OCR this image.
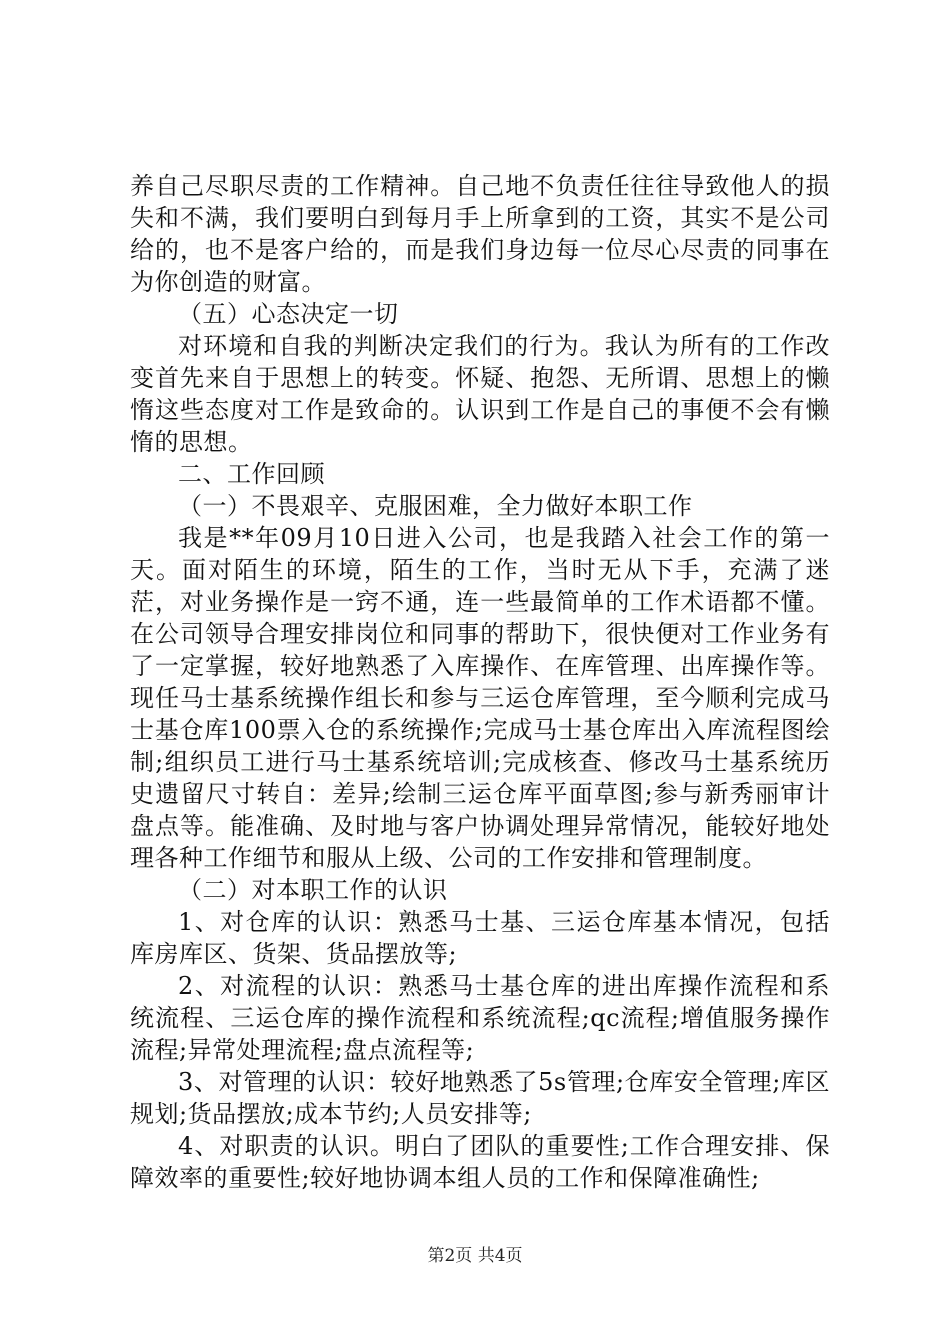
养自己尽职尽责的工作精神。自己地不负责任往往导致他人的损失和不满，我们要明白到每月手上所拿到的工资，其实不是公司给的，也不是客户给的，而是我们身边每一位尽心尽责的同事在为你创造的财富。

（五）心态决定一切

对环境和自我的判断决定我们的行为。我认为所有的工作改变首先来自于思想上的转变。怀疑、抱怨、无所谓、思想上的懒惰这些态度对工作是致命的。认识到工作是自己的事便不会有懒惰的思想。

二、工作回顾

（一）不畏艰辛、克服困难，全力做好本职工作

我是**年09月10日进入公司，也是我踏入社会工作的第一天。面对陌生的环境，陌生的工作，当时无从下手，充满了迷茫，对业务操作是一窍不通，连一些最简单的工作术语都不懂。在公司领导合理安排岗位和同事的帮助下，很快便对工作业务有了一定掌握，较好地熟悉了入库操作、在库管理、出库操作等。现任马士基系统操作组长和参与三运仓库管理，至今顺利完成马士基仓库100票入仓的系统操作;完成马士基仓库出入库流程图绘制;组织员工进行马士基系统培训;完成核查、修改马士基系统历史遗留尺寸转自：差异;绘制三运仓库平面草图;参与新秀丽审计盘点等。能准确、及时地与客户协调处理异常情况，能较好地处理各种工作细节和服从上级、公司的工作安排和管理制度。

（二）对本职工作的认识

1、对仓库的认识：熟悉马士基、三运仓库基本情况，包括库房库区、货架、货品摆放等;

2、对流程的认识：熟悉马士基仓库的进出库操作流程和系统流程、三运仓库的操作流程和系统流程;qc流程;增值服务操作流程;异常处理流程;盘点流程等;

3、对管理的认识：较好地熟悉了5s管理;仓库安全管理;库区规划;货品摆放;成本节约;人员安排等;

4、对职责的认识。明白了团队的重要性;工作合理安排、保障效率的重要性;较好地协调本组人员的工作和保障准确性;

第2页 共4页
